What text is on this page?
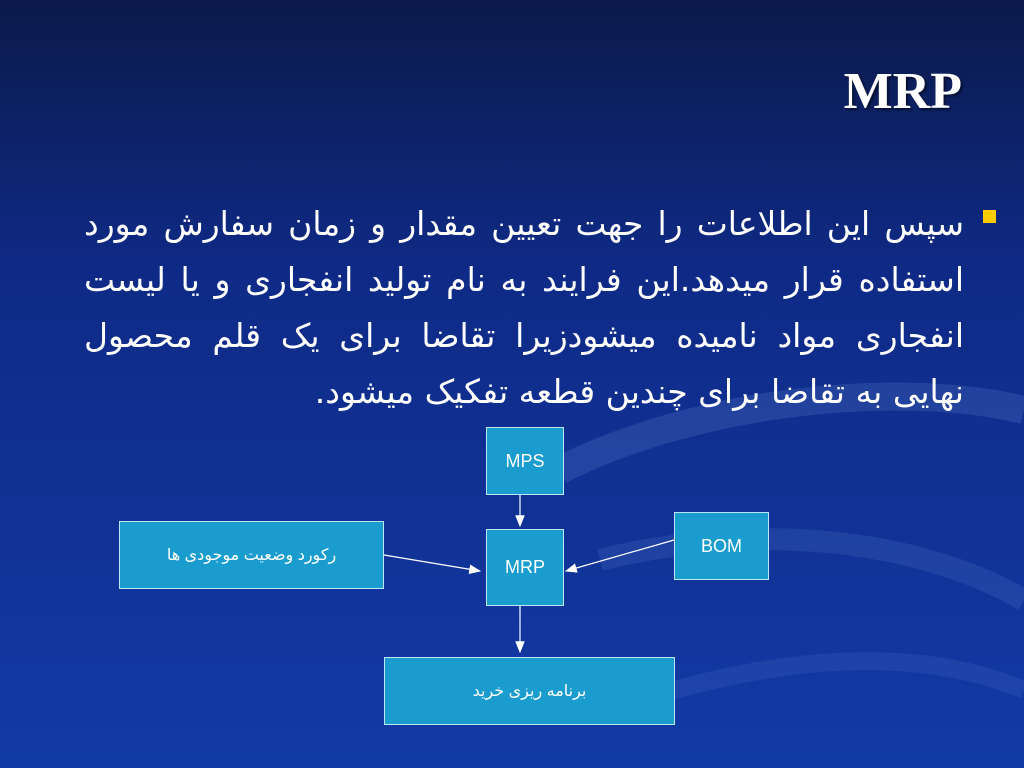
MRP
سپس این اطلاعات را جهت تعیین مقدار و زمان سفارش مورد استفاده قرار میدهد.این فرایند به نام تولید انفجاری و یا لیست انفجاری مواد نامیده میشودزیرا تقاضا برای یک قلم محصول نهایی به تقاضا برای چندین قطعه تفکیک میشود.
MPS
MRP
BOM
رکورد وضعیت موجودی ها
برنامه ریزی خرید
